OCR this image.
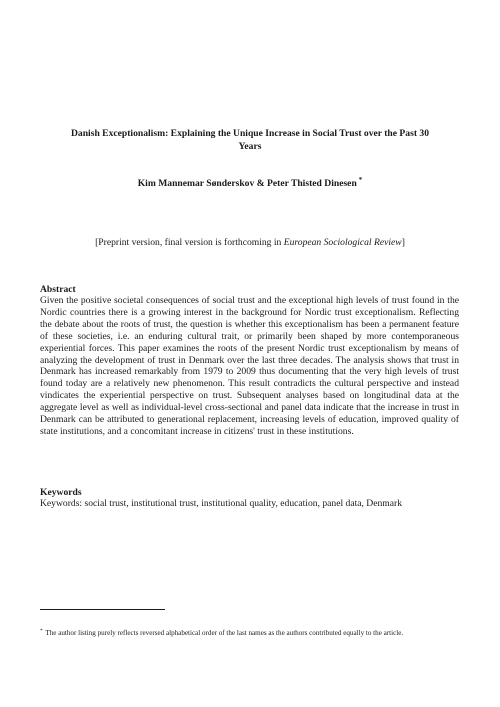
Danish Exceptionalism: Explaining the Unique Increase in Social Trust over the Past 30 Years
Kim Mannemar Sønderskov & Peter Thisted Dinesen *
[Preprint version, final version is forthcoming in European Sociological Review]
Abstract
Given the positive societal consequences of social trust and the exceptional high levels of trust found in the Nordic countries there is a growing interest in the background for Nordic trust exceptionalism. Reflecting the debate about the roots of trust, the question is whether this exceptionalism has been a permanent feature of these societies, i.e. an enduring cultural trait, or primarily been shaped by more contemporaneous experiential forces. This paper examines the roots of the present Nordic trust exceptionalism by means of analyzing the development of trust in Denmark over the last three decades. The analysis shows that trust in Denmark has increased remarkably from 1979 to 2009 thus documenting that the very high levels of trust found today are a relatively new phenomenon. This result contradicts the cultural perspective and instead vindicates the experiential perspective on trust. Subsequent analyses based on longitudinal data at the aggregate level as well as individual-level cross-sectional and panel data indicate that the increase in trust in Denmark can be attributed to generational replacement, increasing levels of education, improved quality of state institutions, and a concomitant increase in citizens' trust in these institutions.
Keywords
Keywords: social trust, institutional trust, institutional quality, education, panel data, Denmark
* The author listing purely reflects reversed alphabetical order of the last names as the authors contributed equally to the article.
